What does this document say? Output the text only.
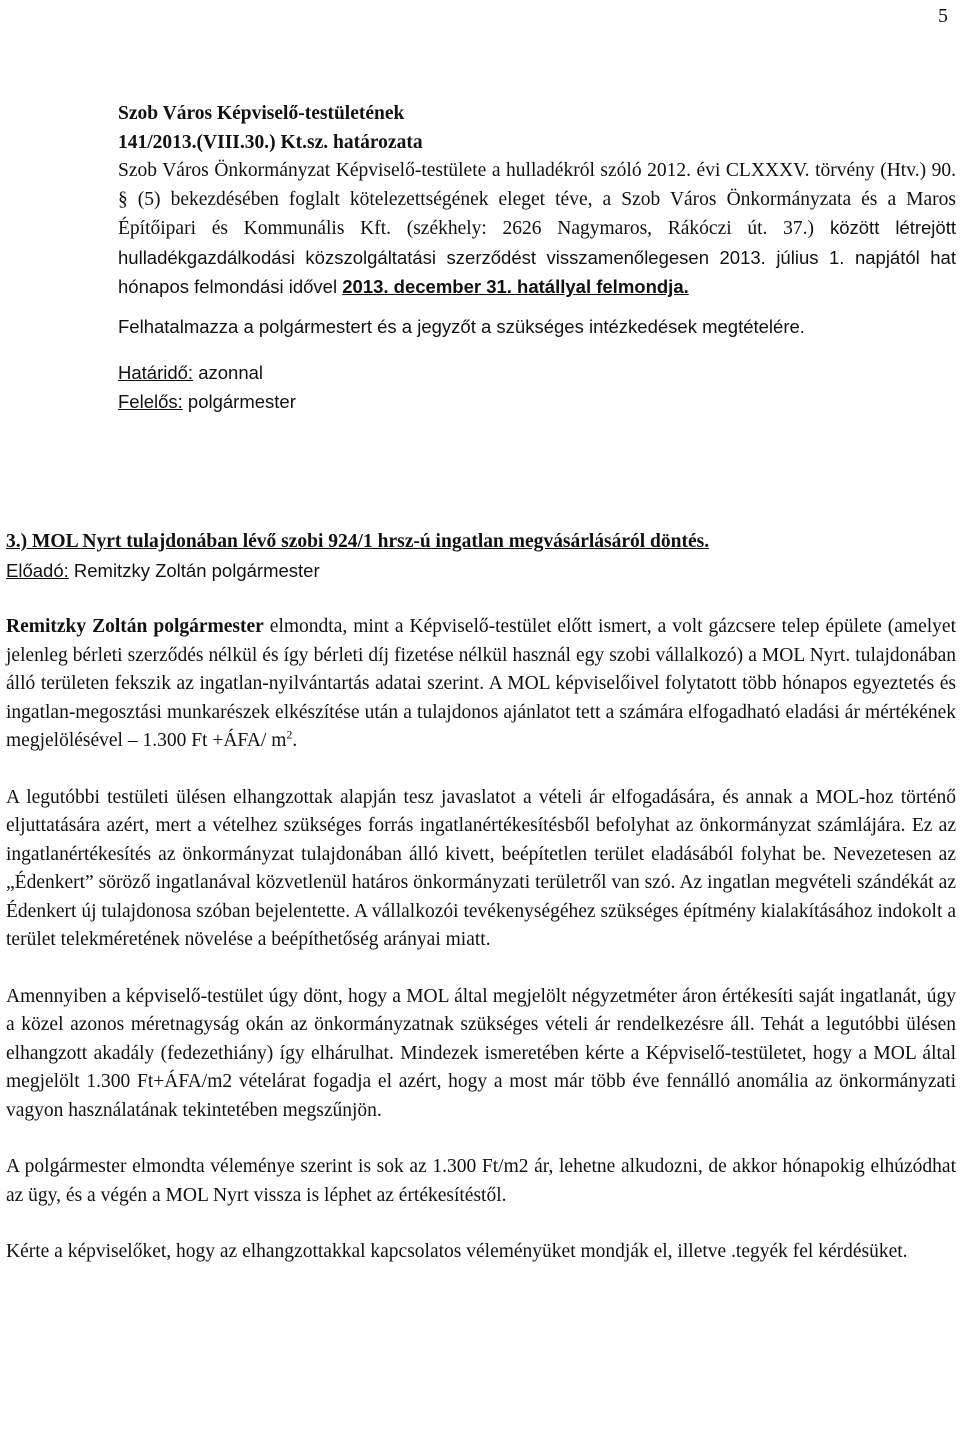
5

Szob Város Képviselő-testületének

141/2013.(VIII.30.) Kt.sz. határozata

Szob Város Önkormányzat Képviselő-testülete a hulladékról szóló 2012. évi CLXXXV. törvény (Htv.) 90. § (5) bekezdésében foglalt kötelezettségének eleget téve, a Szob Város Önkormányzata és a Maros Építőipari és Kommunális Kft. (székhely: 2626 Nagymaros, Rákóczi út. 37.) között létrejött hulladékgazdálkodási közszolgáltatási szerződést visszamenőlegesen 2013. július 1. napjától hat hónapos felmondási idővel 2013. december 31. hatállyal felmondja.

Felhatalmazza a polgármestert és a jegyzőt a szükséges intézkedések megtételére.

Határidő: azonnal

Felelős: polgármester

3.) MOL Nyrt tulajdonában lévő szobi 924/1 hrsz-ú ingatlan megvásárlásáról döntés.

Előadó: Remitzky Zoltán polgármester

Remitzky Zoltán polgármester elmondta, mint a Képviselő-testület előtt ismert, a volt gázcsere telep épülete (amelyet jelenleg bérleti szerződés nélkül és így bérleti díj fizetése nélkül használ egy szobi vállalkozó) a MOL Nyrt. tulajdonában álló területen fekszik az ingatlan-nyilvántartás adatai szerint. A MOL képviselőivel folytatott több hónapos egyeztetés és ingatlan-megosztási munkarészek elkészítése után a tulajdonos ajánlatot tett a számára elfogadható eladási ár mértékének megjelölésével – 1.300 Ft +ÁFA/ $m^2$.

A legutóbbi testületi ülésen elhangzottak alapján tesz javaslatot a vételi ár elfogadására, és annak a MOL-hoz történő eljuttatására azért, mert a vételhez szükséges forrás ingatlanértékesítésből befolyhat az önkormányzat számlájára. Ez az ingatlanértékesítés az önkormányzat tulajdonában álló kivett, beépítetlen terület eladásából folyhat be. Nevezetesen az „Édenkert” söröző ingatlanával közvetlenül határos önkormányzati területről van szó. Az ingatlan megvételi szándékát az Édenkert új tulajdonosa szóban bejelentette. A vállalkozói tevékenységéhez szükséges építmény kialakításához indokolt a terület telekméretének növelése a beépíthetőség arányai miatt.

Amennyiben a képviselő-testület úgy dönt, hogy a MOL által megjelölt négyzetméter áron értékesíti saját ingatlanát, úgy a közel azonos méretnagyság okán az önkormányzatnak szükséges vételi ár rendelkezésre áll. Tehát a legutóbbi ülésen elhangzott akadály (fedezethiány) így elhárulhat. Mindezek ismeretében kérte a Képviselő-testületet, hogy a MOL által megjelölt 1.300 Ft+ÁFA/m2 vételárat fogadja el azért, hogy a most már több éve fennálló anomália az önkormányzati vagyon használatának tekintetében megszűnjön.

A polgármester elmondta véleménye szerint is sok az 1.300 Ft/m2 ár, lehetne alkudozni, de akkor hónapokig elhúzódhat az ügy, és a végén a MOL Nyrt vissza is léphet az értékesítéstől.

Kérte a képviselőket, hogy az elhangzottakkal kapcsolatos véleményüket mondják el, illetve .tegyék fel kérdésüket.
